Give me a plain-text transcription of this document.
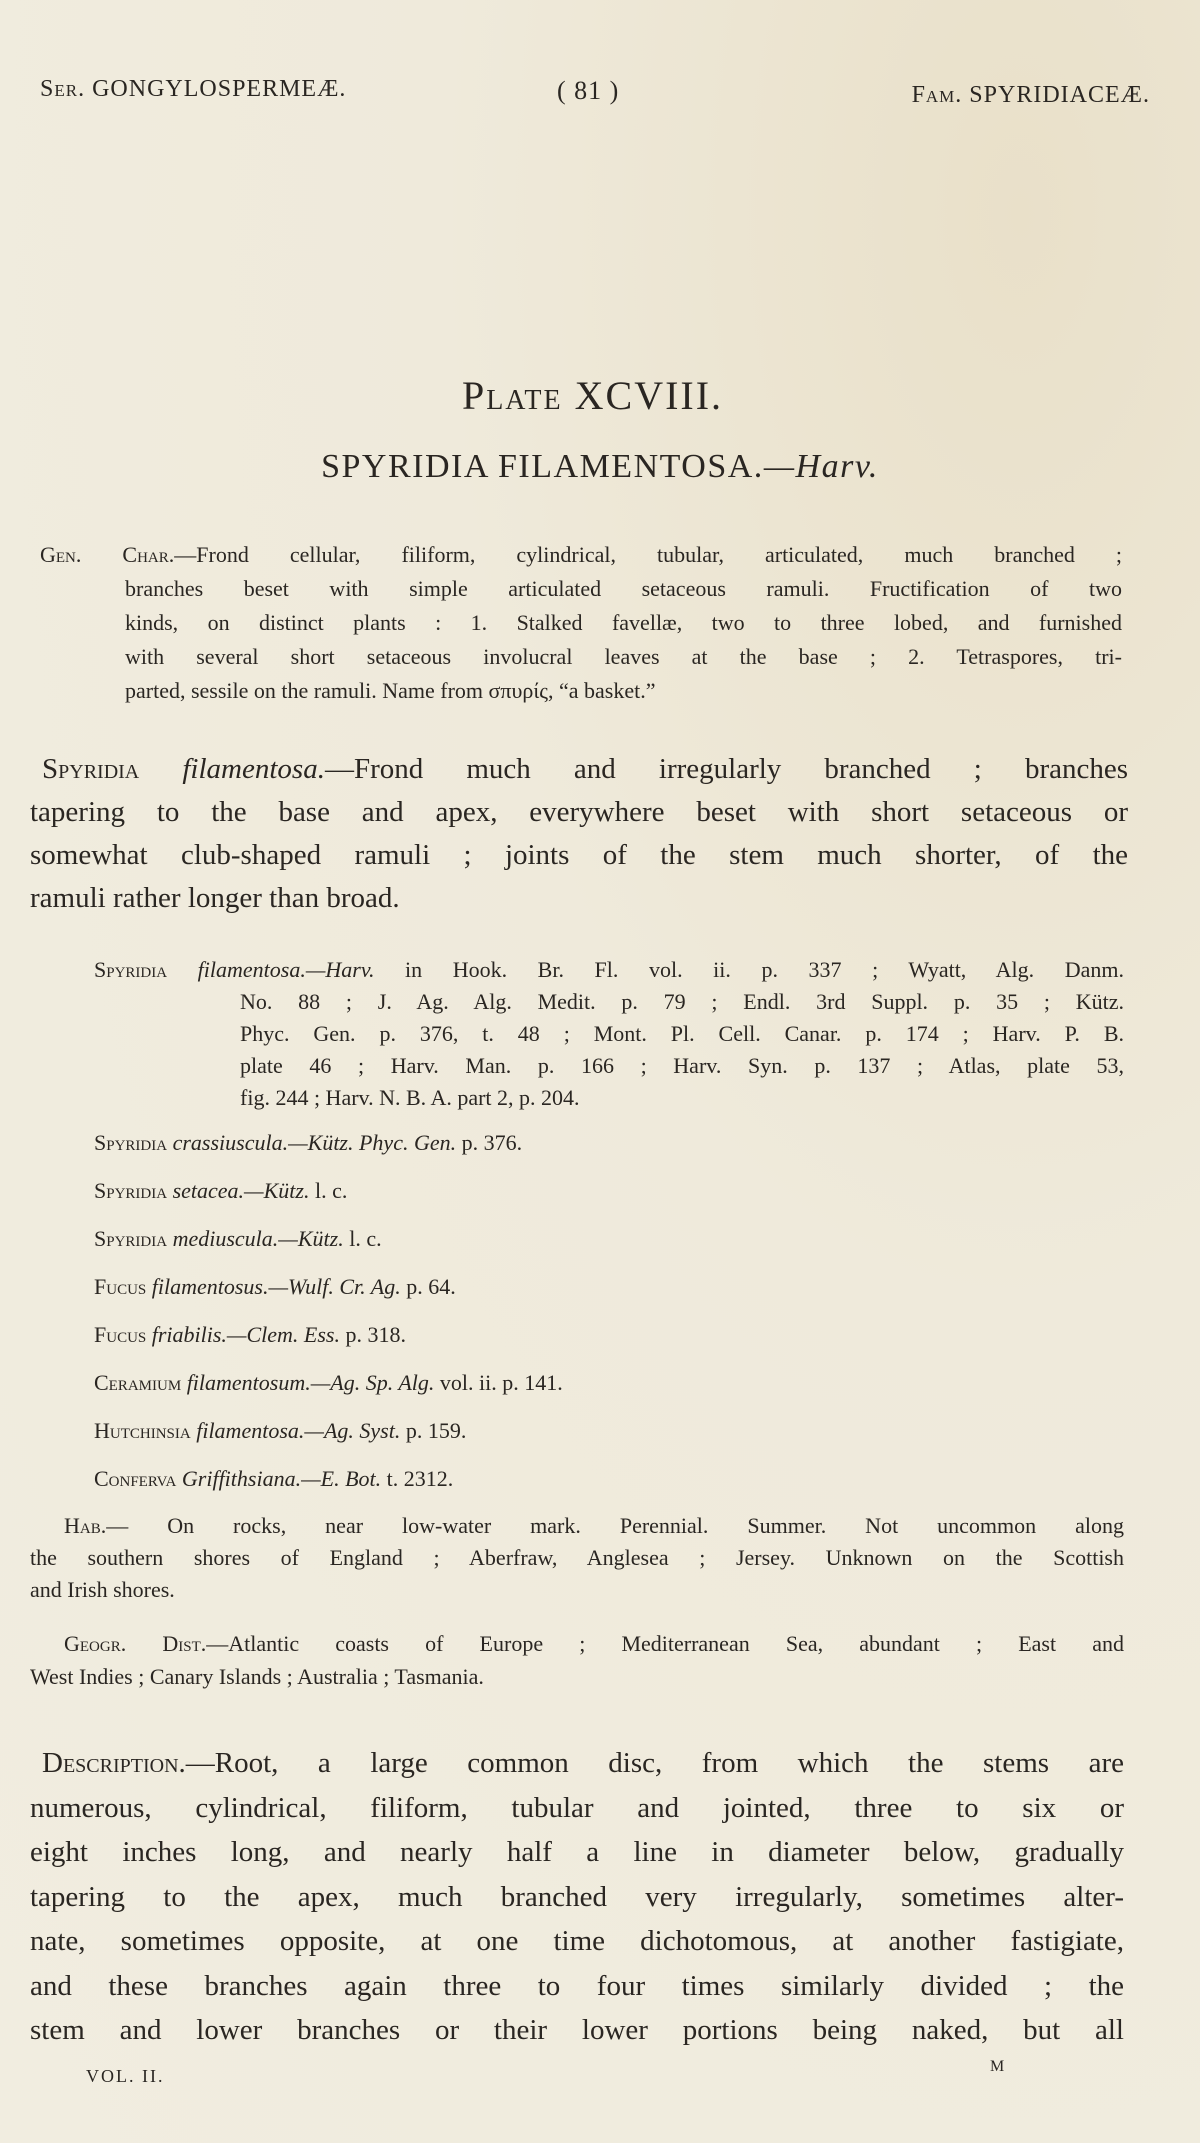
Ser. GONGYLOSPERMEÆ.	( 81 )	Fam. SPYRIDIACEÆ.
Plate XCVIII.
SPYRIDIA FILAMENTOSA.—Harv.
Gen. Char.—Frond cellular, filiform, cylindrical, tubular, articulated, much branched ;
branches beset with simple articulated setaceous ramuli. Fructification of two
kinds, on distinct plants : 1. Stalked favellæ, two to three lobed, and furnished
with several short setaceous involucral leaves at the base ; 2. Tetraspores, tri-
parted, sessile on the ramuli. Name from σπυρίς, “a basket.”
Spyridia filamentosa.—Frond much and irregularly branched ; branches
tapering to the base and apex, everywhere beset with short setaceous or
somewhat club-shaped ramuli ; joints of the stem much shorter, of the
ramuli rather longer than broad.
Spyridia filamentosa.—Harv. in Hook. Br. Fl. vol. ii. p. 337 ; Wyatt, Alg. Danm.
No. 88 ; J. Ag. Alg. Medit. p. 79 ; Endl. 3rd Suppl. p. 35 ; Kütz.
Phyc. Gen. p. 376, t. 48 ; Mont. Pl. Cell. Canar. p. 174 ; Harv. P. B.
plate 46 ; Harv. Man. p. 166 ; Harv. Syn. p. 137 ; Atlas, plate 53,
fig. 244 ; Harv. N. B. A. part 2, p. 204.
Spyridia crassiuscula.—Kütz. Phyc. Gen. p. 376.
Spyridia setacea.—Kütz. l. c.
Spyridia mediuscula.—Kütz. l. c.
Fucus filamentosus.—Wulf. Cr. Ag. p. 64.
Fucus friabilis.—Clem. Ess. p. 318.
Ceramium filamentosum.—Ag. Sp. Alg. vol. ii. p. 141.
Hutchinsia filamentosa.—Ag. Syst. p. 159.
Conferva Griffithsiana.—E. Bot. t. 2312.
Hab.— On rocks, near low-water mark. Perennial. Summer. Not uncommon along
the southern shores of England ; Aberfraw, Anglesea ; Jersey. Unknown on the Scottish
and Irish shores.
Geogr. Dist.—Atlantic coasts of Europe ; Mediterranean Sea, abundant ; East and
West Indies ; Canary Islands ; Australia ; Tasmania.
Description.—Root, a large common disc, from which the stems are
numerous, cylindrical, filiform, tubular and jointed, three to six or
eight inches long, and nearly half a line in diameter below, gradually
tapering to the apex, much branched very irregularly, sometimes alter-
nate, sometimes opposite, at one time dichotomous, at another fastigiate,
and these branches again three to four times similarly divided ; the
stem and lower branches or their lower portions being naked, but all
VOL. II.	M
